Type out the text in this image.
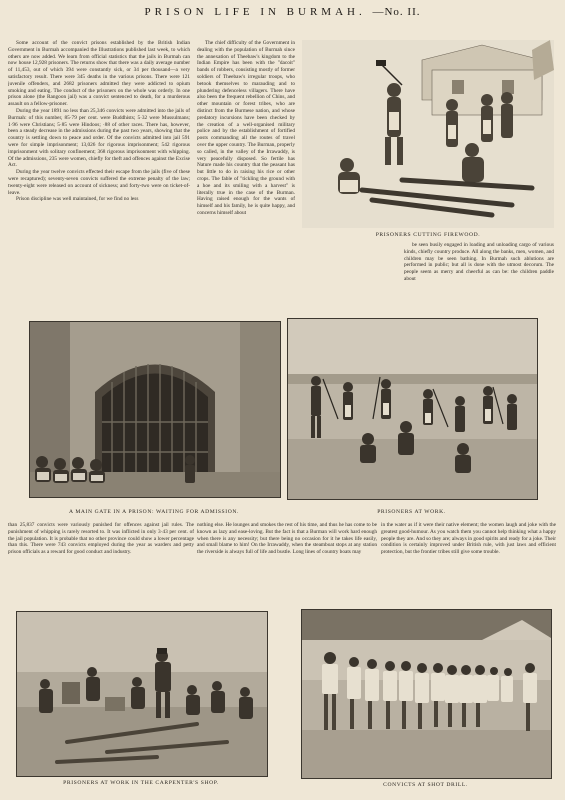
PRISON LIFE IN BURMAH. —No. II.

Some account of the convict prisons established by the British Indian Government in Burmah accompanied the Illustrations published last week, to which others are now added. We learn from official statistics that the jails in Burmah can now house 12,928 prisoners. The returns show that there was a daily average number of 11,453, out of which 394 were constantly sick, or 34 per thousand—a very satisfactory result. There were 345 deaths in the various prisons. There were 121 juvenile offenders, and 2682 prisoners admitted they were addicted to opium smoking and eating. The conduct of the prisoners on the whole was orderly. In one prison alone (the Rangoon jail) was a convict sentenced to death, for a murderous assault on a fellow-prisoner.

During the year 1891 no less than 25,346 convicts were admitted into the jails of Burmah: of this number, 85·79 per cent. were Buddhists; 5·32 were Mussulmans; 1·96 were Christians; 5·85 were Hindoos; ·88 of other races. There has, however, been a steady decrease in the admissions during the past two years, showing that the country is settling down to peace and order. Of the convicts admitted into jail 591 were for simple imprisonment; 13,026 for rigorous imprisonment; 542 rigorous imprisonment with solitary confinement; 368 rigorous imprisonment with whipping. Of the admissions, 235 were women, chiefly for theft and offences against the Excise Act.

During the year twelve convicts effected their escape from the jails (five of these were recaptured); seventy-seven convicts suffered the extreme penalty of the law; twenty-eight were released on account of sickness; and forty-two were on ticket-of-leave.

Prison discipline was well maintained, for we find no less

The chief difficulty of the Government in dealing with the population of Burmah since the annexation of Theebaw's kingdom to the Indian Empire has been with the "dacoit" bands of robbers, consisting mostly of former soldiers of Theebaw's irregular troops, who betook themselves to marauding and to plundering defenceless villagers. There have also been the frequent rebellion of Chins, and other mountain or forest tribes, who are distinct from the Burmese nation, and whose predatory incursions have been checked by the creation of a well-organised military police and by the establishment of fortified posts commanding all the routes of travel over the upper country. The Burman, properly so called, in the valley of the Irrawaddy, is very peacefully disposed. So fertile has Nature made his country that the peasant has but little to do in raising his rice or other crops. The fable of "tickling the ground with a hoe and its smiling with a harvest" is literally true in the case of the Burman. Having raised enough for the wants of himself and his family, he is quite happy, and concerns himself about

PRISONERS CUTTING FIREWOOD.

be seen busily engaged in loading and unloading cargo of various kinds, chiefly country produce. All along the banks, men, women, and children may be seen bathing. In Burmah such ablutions are performed in public; but all is done with the utmost decorum. The people seem as merry and cheerful as can be: the children paddle about

A MAIN GATE IN A PRISON: WAITING FOR ADMISSION.	PRISONERS AT WORK.

than 25,837 convicts were variously punished for offences against jail rules. The punishment of whipping is rarely resorted to. It was inflicted in only 3·43 per cent. of the jail population. It is probable that no other province could show a lower percentage than this. There were 743 convicts employed during the year as warders and petty prison officials as a reward for good conduct and industry.

nothing else. He lounges and smokes the rest of his time, and thus he has come to be known as lazy and ease-loving. But the fact is that a Burman will work hard enough when there is any necessity; but there being no occasion for it he takes life easily, and small blame to him! On the Irrawaddy, when the steamboat stops at any station the riverside is always full of life and bustle. Long lines of country boats may

in the water as if it were their native element; the women laugh and joke with the greatest good-humour. As you watch them you cannot help thinking what a happy people they are. And so they are; always in good spirits and ready for a joke. Their condition is certainly improved under British rule, with just laws and efficient protection, but the frontier tribes still give some trouble.

PRISONERS AT WORK IN THE CARPENTER'S SHOP.	CONVICTS AT SHOT DRILL.
